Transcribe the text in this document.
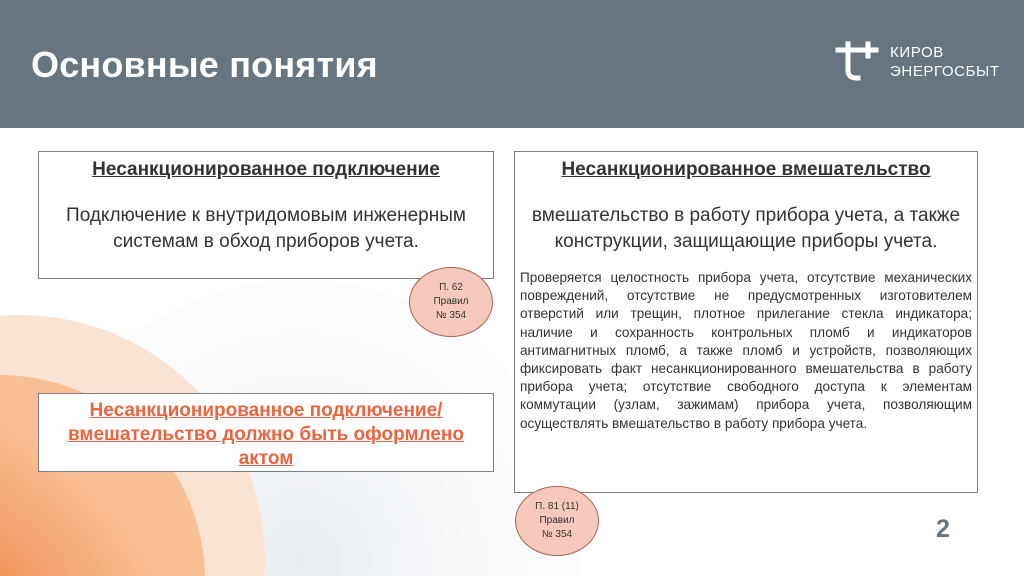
Основные понятия	КИРОВ
ЭНЕРГОСБЫТ
Несанкционированное подключение
Подключение к внутридомовым инженерным системам в обход приборов учета.
П. 62
Правил
№ 354
Несанкционированное вмешательство
вмешательство в работу прибора учета, а также конструкции, защищающие приборы учета.
Проверяется целостность прибора учета, отсутствие механических повреждений, отсутствие не предусмотренных изготовителем отверстий или трещин, плотное прилегание стекла индикатора; наличие и сохранность контрольных пломб и индикаторов антимагнитных пломб, а также пломб и устройств, позволяющих фиксировать факт несанкционированного вмешательства в работу прибора учета; отсутствие свободного доступа к элементам коммутации (узлам, зажимам) прибора учета, позволяющим осуществлять вмешательство в работу прибора учета.
Несанкционированное подключение/вмешательство должно быть оформлено актом
П. 81 (11)
Правил
№ 354	2
